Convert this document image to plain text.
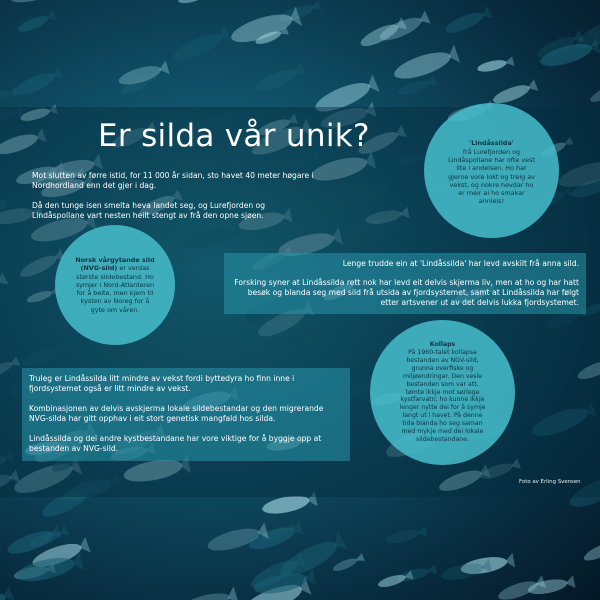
Er silda vår unik?

Mot slutten av førre istid, for 11 000 år sidan, sto havet 40 meter høgare i Nordhordland enn det gjer i dag.

Då den tunge isen smelta heva landet seg, og Lurefjorden og Lindåspollane vart nesten heilt stengt av frå den opne sjøen.

'Lindåssilda'
frå Lurefjorden og Lindåspollane har ofte vest lite i andelsen. Ho har gjerne vore lokt og treig av vekst, og nokre hevdar ho er meir ai ho smakar annleis!
Norsk vårgytande sild (NVG-sild) er verdas største sildebestand. Ho symjer i Nord-Atlanteren for å beite, men kjem til kysten av Noreg for å gyte om våren.

Lenge trudde ein at 'Lindåssilda' har levd avskilt frå anna sild.

Forsking syner at Lindåssilda rett nok har levd eit delvis skjerma liv, men at ho og har hatt besøk og blanda seg med sild frå utsida av fjordsystemet, samt at Lindåssilda har følgt etter artsvener ut av det delvis lukka fjordsystemet.

Kollaps
På 1960-talet kollapsa bestanden av NGV-sild, grunna overfiske og miljøendringar. Den vesle bestanden som var att, tømte ikkje mot sørlege kystfarvatn; ho kunne ikkje lenger nytte dei for å symje langt ut i havet. På denne tida blanda ho seg saman med mykje med dei lokale sildebestandane.

Truleg er Lindåssilda litt mindre av vekst fordi byttedyra ho finn inne i fjordsystemet også er litt mindre av vekst.

Kombinasjonen av delvis avskjerma lokale sildebestandar og den migrerande NVG-silda har gitt opphav i eit stort genetisk mangfald hos silda.

Lindåssilda og dei andre kystbestandane har vore viktige for å byggje opp at bestanden av NVG-sild.

Foto av Erling Svensen
